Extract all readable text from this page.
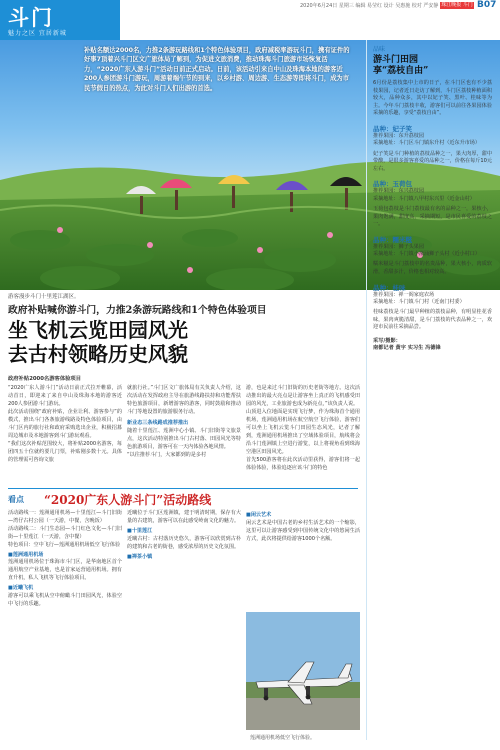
斗门
魅力之区 宜居新城
2020年6月24日 星期三 编辑 易莹红 设计 吴惠施 校对 严安静 珠江晚报 斗门 B07
补贴名额达2000名，力推2条游玩路线和1个特色体验项目，政府减税率游玩斗门，携有证件的好事7顶着兴斗门区文广旅体局了解到，为促进文旅消费，推动珠海斗门旅游市场恢复活力，“2020广东人游斗门”活动日前正式启动。日前，该活动引来自中山及珠海本地的游客近200人参团游斗门游玩，周游着端午节的到来，以乡村游、周边游、生态游等即将斗门，成为市民节假日的热点，为此对斗门人们出游的首选。
游客漫步斗门十里莲江湖区。
政府补贴喊你游斗门，力推2条游玩路线和1个特色体验项目
坐飞机云览田园风光
去古村领略历史风貌
政府补贴2000名游客体验项目

“2020广东人游斗门”活动日前正式拉开帷幕，活动首日，即迎来了来自中山及珠海本地的游客近200人参团游斗门游玩。

此次活动围绕“政府补贴，企业让利、游客参与”的模式，推出斗门各条旅游线路及特色体验项目，由斗门区内的旅行社和政府采购选出企业，积极招募周边城市及本地游客到斗门游玩观看。

“我们这次补贴范围较大，将补贴2000名游客，每团四五十位就约要几门票，补贴刚多数十元。具体的管理需可咨询文旅

就旅行社。”斗门区文广旅体局有关负责人介绍，这次活动在发挥政府主导在旅游线路扶持和功能帮扶特色旅游项目，新增游客的游客，同时鼓励和推动斗门等地设置的旅游服务行动。

新业态三条线路成推荐推出

随着十里莲江、莲洲中心小镇、斗门旧街等文旅景点，这次活动特别推出斗门古村落、田园风光等特色旅游项目，游客可在一天内体验各地风情。

“以往推荐斗门，大家都到的是多村

游，也是来过斗门旧街的历史老街等地方。这次活动推出的最大亮点是让游客坐上真正的飞机感受田园的风光，工业旅游也成为新亮点，”该负责人说。

山顶进入位地面是实现飞行梦，作为珠海首个通用机场，莲洲通用机场在航空航空飞行体验，游客们可以坐上飞机云览斗门田园生态风光，记者了解到，莲洲通用机场推出了空域体验项目，航线将会沿斗门莲洲镇上空进行游览，以上将视角看到珠海空港区田园风光。

首先500游客将在此次活动里获得，游客们将一起体验体验，体验追逐应该斗门的特色

看点 “2020广东人游斗门”活动路线

活动路线一：莲洲通用机场—十里莲江—斗门旧街—湾仔古村公园（一天游，中餐，含晚饭）

活动路线二：斗门生态园—斗门红色文化—斗门旧街—十里莲江（一天游，含中餐）

特色项目：空中飞行—莲洲通用机场低空飞行体验

■ 莲洲通用机场

莲洲通用机场位于珠海市斗门区，是华南地区首个通用航空产业基地，也是首家运营通用机场。拥有直升机，私人飞机等飞行体验项目。

■ 近曦飞机

游客可以乘飞机从空中俯瞰斗门田园风光，体验空中飞行的乐趣。

近曦位于斗门区莲洲镇，建于明清时期，保存有大量的古建筑，游客可以在此感受岭南文化的魅力。

■ 十里莲江

近曦古村：古村落历史悠久，游客可以欣赏到古朴的建筑和古老的街巷，感受浓厚的历史文化氛围。

■ 禅茶小镇

■ 闲云艺术

闲云艺术是中国古老的乡村生活艺术的一个缩影，这里可以让游客感受到中国传统文化中的悠闲生活方式，此次将提供给游客1000个名额。

莲洲通用机场低空飞行体验。
品味
游斗门田园
享“荔枝自由”
6月份是荔枝集中上市的日子，在斗门区也有不少荔枝果园，记者近日走访了解到，斗门区荔枝种植面积较大，品种众多，其中以妃子笑、黑叶、桂味等为主。今年斗门荔枝丰收，游客们可以前往各果园体验采摘的乐趣，享受“荔枝自由”。
品种：妃子笑
推荐果园：东升荔枝园
采摘地址：斗门区斗门镇东升村（近东升市场）
妃子笑是斗门种植的荔枝品种之一，果大肉厚，甜中带酸，是很多游客喜爱的品种之一，价格在每斤10元左右。
品种：玉荷包
推荐果园：东兴荔枝园
采摘地址：斗门镇八甲村东兴里（近金山村）
玉荷包荔枝是斗门荔枝最有名的品种之一，果核小，果肉饱满，甜度高，采摘期短，是市民喜爱的荔枝之一。
品种：糯米糍
推荐果园：狮子头果园
采摘地址：斗门镇小濠涌狮子头村（近小村口）
糯米糍是斗门荔枝中的名贵品种，果大核小，肉质软滑，香甜多汁，价格也相对较高。
品种：桂味
推荐果园：禅一阁家庭农场
采摘地址：斗门镇斗门村（近南门村委）
桂味荔枝是斗门最早种植的荔枝品种，有明显桂花香味，果肉爽脆清甜，是斗门荔枝的代表品种之一，欢迎市民前往采摘品尝。
采写/摄影：
南都记者 黄宇 实习生 冯德锋
